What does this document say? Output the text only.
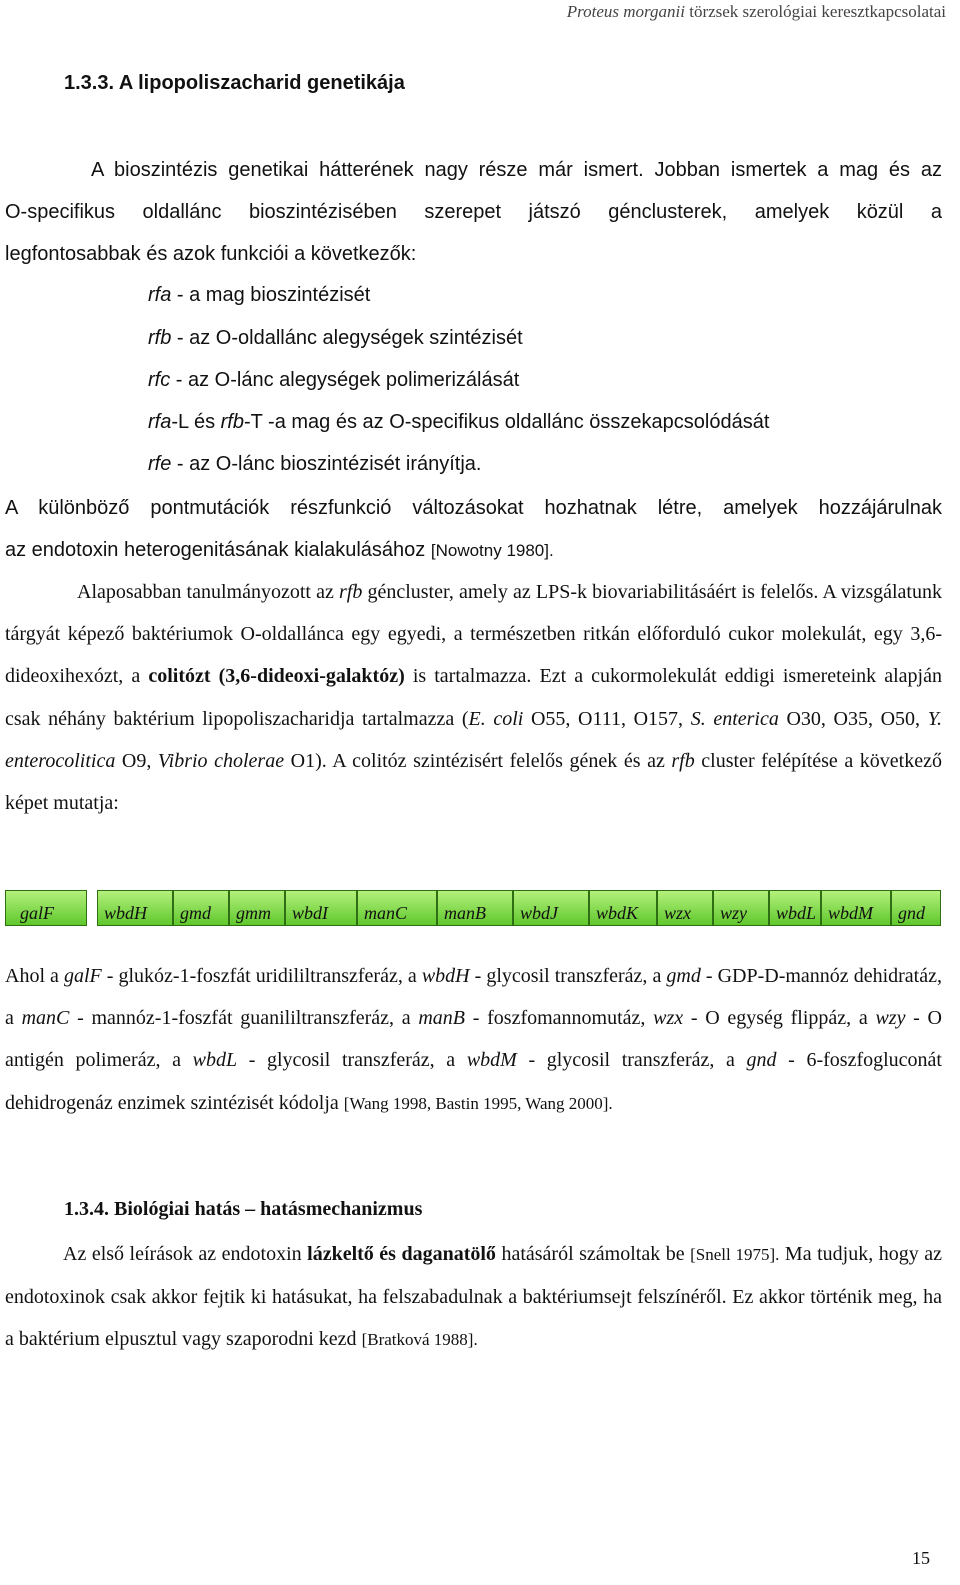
Proteus morganii törzsek szerológiai keresztkapcsolatai
1.3.3. A lipopoliszacharid genetikája
A bioszintézis genetikai hátterének nagy része már ismert. Jobban ismertek a mag és az
O-specifikus oldallánc bioszintézisében szerepet játszó génclusterek, amelyek közül a
legfontosabbak és azok funkciói a következők:
rfa - a mag bioszintézisét
rfb - az O-oldallánc alegységek szintézisét
rfc - az O-lánc alegységek polimerizálását
rfa-L és rfb-T -a mag és az O-specifikus oldallánc összekapcsolódását
rfe - az O-lánc bioszintézisét irányítja.
A különböző pontmutációk részfunkció változásokat hozhatnak létre, amelyek hozzájárulnak
az endotoxin heterogenitásának kialakulásához [Nowotny 1980].

Alaposabban tanulmányozott az rfb géncluster, amely az LPS-k biovariabilitásáért is felelős. A vizsgálatunk tárgyát képező baktériumok O-oldallánca egy egyedi, a természetben ritkán előforduló cukor molekulát, egy 3,6-dideoxihexózt, a colitózt (3,6-dideoxi-galaktóz) is tartalmazza. Ezt a cukormolekulát eddigi ismereteink alapján csak néhány baktérium lipopoliszacharidja tartalmazza (E. coli O55, O111, O157, S. enterica O30, O35, O50, Y. enterocolitica O9, Vibrio cholerae O1). A colitóz szintézisért felelős gének és az rfb cluster felépítése a következő képet mutatja:

galF	wbdH	gmd	gmm	wbdI	manC	manB	wbdJ	wbdK	wzx	wzy	wbdL wbdM	gnd

Ahol a galF - glukóz-1-foszfát uridililtranszferáz, a wbdH - glycosil transzferáz, a gmd - GDP-D-mannóz dehidratáz, a manC - mannóz-1-foszfát guanililtranszferáz, a manB - foszfomannomutáz, wzx - O egység flippáz, a wzy - O antigén polimeráz, a wbdL - glycosil transzferáz, a wbdM - glycosil transzferáz, a gnd - 6-foszfogluconát dehidrogenáz enzimek szintézisét kódolja [Wang 1998, Bastin 1995, Wang 2000].

1.3.4. Biológiai hatás – hatásmechanizmus

Az első leírások az endotoxin lázkeltő és daganatölő hatásáról számoltak be [Snell 1975]. Ma tudjuk, hogy az endotoxinok csak akkor fejtik ki hatásukat, ha felszabadulnak a baktériumsejt felszínéről. Ez akkor történik meg, ha a baktérium elpusztul vagy szaporodni kezd [Bratková 1988].

15
